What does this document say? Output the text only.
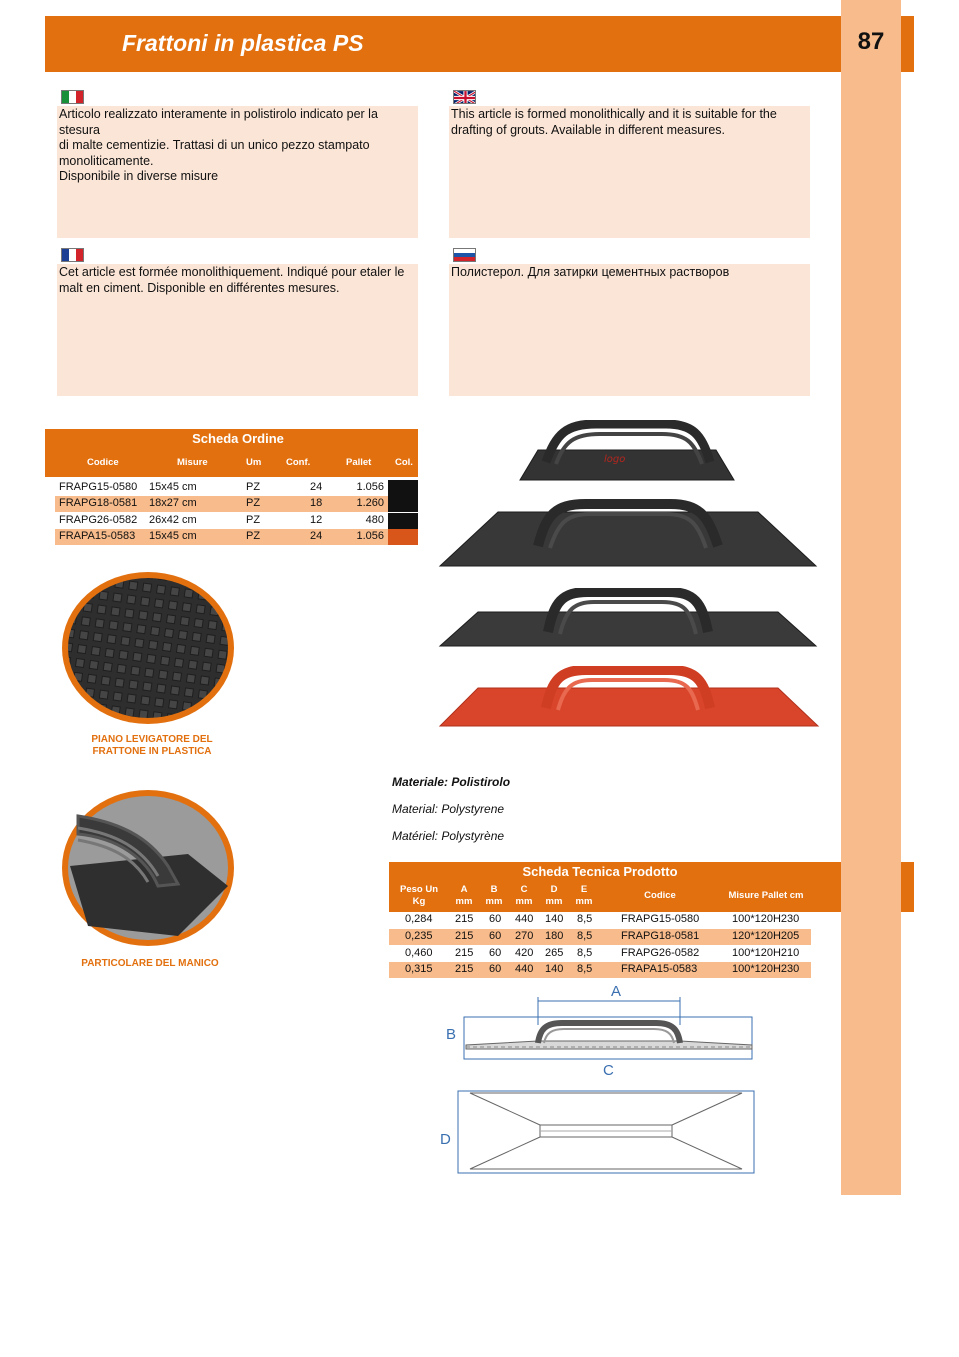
Frattoni in plastica PS	87
Articolo realizzato interamente in polistirolo indicato per la stesura
di malte cementizie. Trattasi di un unico pezzo stampato
monoliticamente.
Disponibile in diverse misure
This article is formed monolithically and it is suitable for the
drafting of grouts. Available in different measures.
Cet article est formée monolithiquement. Indiqué pour etaler le
malt en ciment. Disponible en différentes mesures.
Полистерол. Для затирки цементных растворов
Scheda Ordine
Codice	Misure	Um	Conf.	Pallet Col.
FRAPG15-0580 15x45 cm	PZ	24	1.056
FRAPG18-0581 18x27 cm	PZ	18	1.260
FRAPG26-0582 26x42 cm	PZ	12	480
FRAPA15-0583 15x45 cm	PZ	24	1.056
PIANO LEVIGATORE DEL
FRATTONE IN PLASTICA
PARTICOLARE DEL MANICO
logo
Materiale: Polistirolo
Material: Polystyrene
Matériel: Polystyrène
Scheda Tecnica Prodotto
Peso Un
Kg
A
mm
B
mm
C
mm
D
mm
E
mm
Codice	Misure Pallet cm
0,284 215 60 440 140 8,5	FRAPG15-0580	100*120H230
0,235 215 60 270 180 8,5	FRAPG18-0581	120*120H205
0,460 215 60 420 265 8,5	FRAPG26-0582	100*120H210
0,315 215 60 440 140 8,5	FRAPA15-0583	100*120H230
A
B
C
D
